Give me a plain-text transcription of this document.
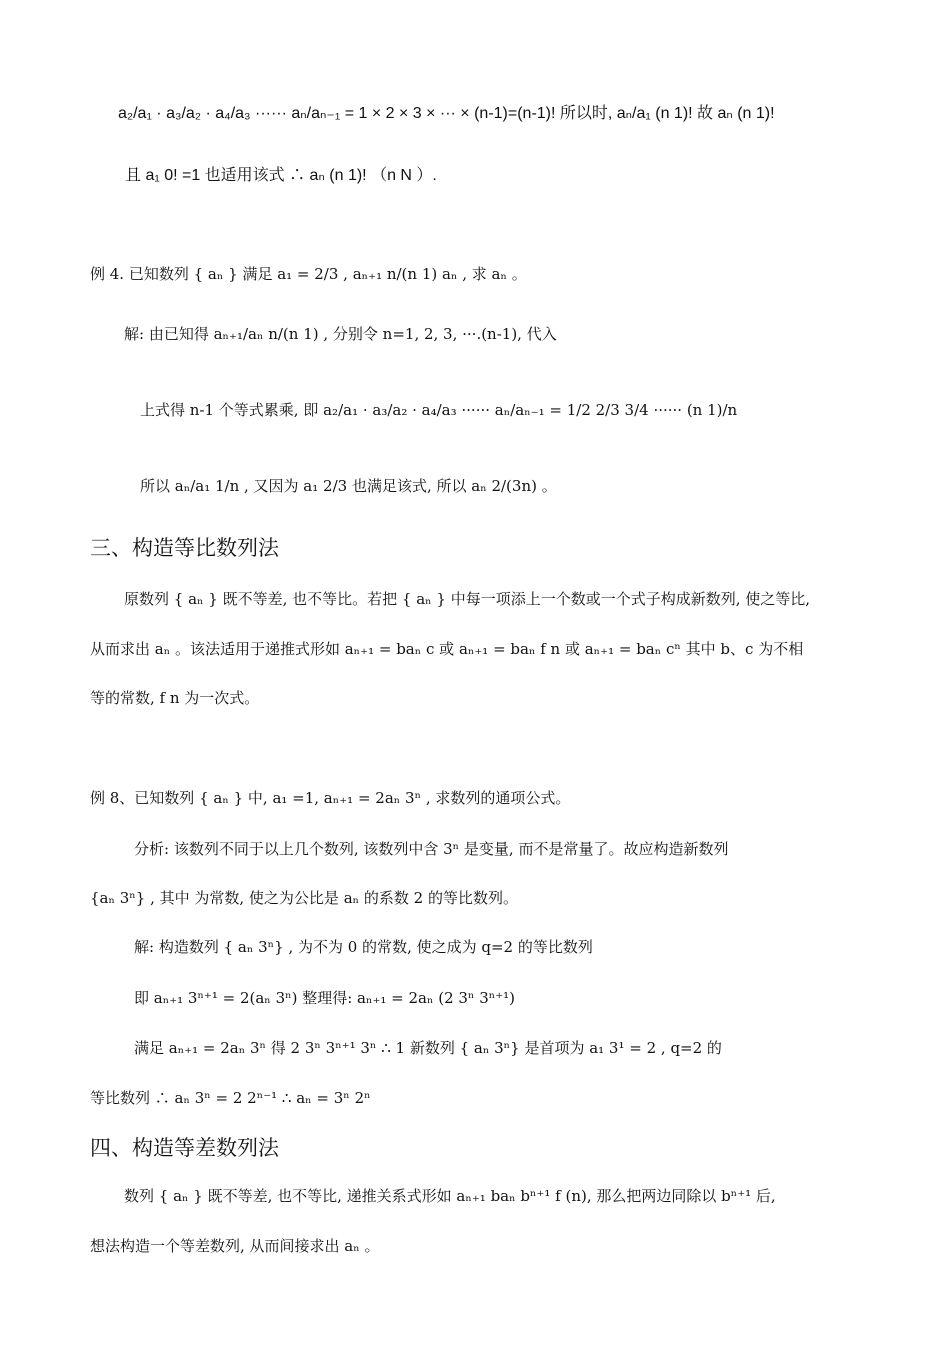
a₂/a₁ · a₃/a₂ · a₄/a₃ ······ aₙ/aₙ₋₁ = 1 × 2 × 3 × ··· × (n-1)=(n-1)! 所以时, aₙ/a₁ (n 1)! 故 aₙ (n 1)!
且 a₁ 0! =1 也适用该式 ∴ aₙ (n 1)! （n N ）.
例 4. 已知数列 { aₙ } 满足 a₁ = 2/3 , aₙ₊₁ n/(n 1) aₙ , 求 aₙ 。
解: 由已知得 aₙ₊₁/aₙ n/(n 1) , 分别令 n=1, 2, 3, ···.(n-1), 代入
上式得 n-1 个等式累乘, 即 a₂/a₁ · a₃/a₂ · a₄/a₃ ······ aₙ/aₙ₋₁ = 1/2 2/3 3/4 ······ (n 1)/n
所以 aₙ/a₁ 1/n , 又因为 a₁ 2/3 也满足该式, 所以 aₙ 2/(3n) 。
三、构造等比数列法
原数列 { aₙ } 既不等差, 也不等比。若把 { aₙ } 中每一项添上一个数或一个式子构成新数列, 使之等比,
从而求出 aₙ 。该法适用于递推式形如 aₙ₊₁ = baₙ c 或 aₙ₊₁ = baₙ f n 或 aₙ₊₁ = baₙ cⁿ 其中 b、c 为不相
等的常数, f n 为一次式。
例 8、已知数列 { aₙ } 中, a₁ =1, aₙ₊₁ = 2aₙ 3ⁿ , 求数列的通项公式。
分析: 该数列不同于以上几个数列, 该数列中含 3ⁿ 是变量, 而不是常量了。故应构造新数列
{aₙ 3ⁿ} , 其中 为常数, 使之为公比是 aₙ 的系数 2 的等比数列。
解: 构造数列 { aₙ 3ⁿ} , 为不为 0 的常数, 使之成为 q=2 的等比数列
即 aₙ₊₁ 3ⁿ⁺¹ = 2(aₙ 3ⁿ) 整理得: aₙ₊₁ = 2aₙ (2 3ⁿ 3ⁿ⁺¹)
满足 aₙ₊₁ = 2aₙ 3ⁿ 得 2 3ⁿ 3ⁿ⁺¹ 3ⁿ ∴ 1 新数列 { aₙ 3ⁿ} 是首项为 a₁ 3¹ = 2 , q=2 的
等比数列 ∴ aₙ 3ⁿ = 2 2ⁿ⁻¹ ∴ aₙ = 3ⁿ 2ⁿ
四、构造等差数列法
数列 { aₙ } 既不等差, 也不等比, 递推关系式形如 aₙ₊₁ baₙ bⁿ⁺¹ f (n), 那么把两边同除以 bⁿ⁺¹ 后,
想法构造一个等差数列, 从而间接求出 aₙ 。
